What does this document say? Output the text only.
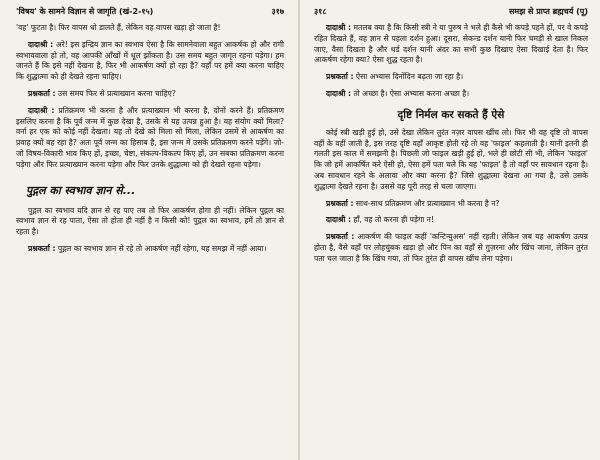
'विषय' के सामने विज्ञान से जागृति (खं-2-१५)	३१७

'वह' फूटता है। फिर वापस धो डालते हैं, लेकिन वह वापस खड़ा हो जाता है!

दादाश्री : अरे! इस इन्द्रिय ज्ञान का स्वभाव ऐसा है कि सामनेवाला बहुत आकर्षक हो और रागी स्वभाववाला हो तो, वह आपकी आँखों में धूल झोंकता है। उस समय बहुत जागृत रहना पड़ेगा। हम जानते हैं कि इसे नहीं देखना है, फिर भी आकर्षण क्यों हो रहा है? वहाँ पर हमें क्या करना चाहिए कि शुद्धात्मा को ही देखते रहना चाहिए।

प्रश्नकर्ता : उस समय फिर से प्रत्याख्यान करना चाहिए?

दादाश्री : प्रतिक्रमण भी करना है और प्रत्याख्यान भी करना है, दोनों करने हैं। प्रतिक्रमण इसलिए करना है कि पूर्व जन्म में कुछ देखा है, उसके से यह उत्पन्न हुआ है। यह संयोग क्यों मिला? वर्ना हर एक को कोई नहीं देखता। यह तो देखे को मिला सो मिला, लेकिन उसमें से आकर्षण का प्रवाह क्यों बह रहा है? अतः पूर्व जन्म का हिसाब है, इस जन्म में उसके प्रतिक्रमण करने पड़ेंगे। जो-जो विषय-विकारी भाव किए हों, इच्छा, चेष्टा, संकल्प-विकल्प किए हों, उन सबका प्रतिक्रमण करना पड़ेगा और फिर प्रत्याख्यान करना पड़ेगा और फिर उनके शुद्धात्मा को ही देखते रहना पड़ेगा।

पुद्गल का स्वभाव ज्ञान से...

पुद्गल का स्वभाव यदि ज्ञान से रह पाए तब तो फिर आकर्षण होगा ही नहीं। लेकिन पुद्गल का स्वभाव ज्ञान से रह पाता, ऐसा तो होता ही नहीं है न किसी को! पुद्गल का स्वभाव, हमें तो ज्ञान से रहता है।

प्रश्नकर्ता : पुद्गल का स्वभाव ज्ञान से रहे तो आकर्षण नहीं रहेगा, यह समझ में नहीं आया।

३१८	समझ से प्राप्त ब्रह्मचर्य (पू)

दादाश्री : मतलब क्या है कि किसी स्त्री ने या पुरुष ने भले ही कैसे भी कपड़े पहने हों, पर वे कपड़े रहित दिखते हैं, वह ज्ञान से पहला दर्शन हुआ। दूसरा, सेकन्ड दर्शन यानी फिर चमड़ी से खाल निकल जाए, वैसा दिखता है और थर्ड दर्शन यानी अंदर का सभी कुछ दिखाए ऐसा दिखाई देता है। फिर आकर्षण रहेगा क्या? ऐसा शुद्ध रहता है।

प्रश्नकर्ता : ऐसा अभ्यास दिनोंदिन बढ़ता जा रहा है।

दादाश्री : तो अच्छा है। ऐसा अभ्यास करना अच्छा है।

दृष्टि निर्मल कर सकते हैं ऐसे

कोई स्त्री खड़ी हुई हो, उसे देखा लेकिन तुरंत नज़र वापस खींच लो। फिर भी वह दृष्टि तो वापस वहीं के वहीं जाती है, इस तरह दृष्टि वहाँ आकृष्ट होती रहे तो वह 'फाइल' कहलाती है। यानी इतनी ही गलती इस काल में समझनी है। पिछली जो फाइल खड़ी हुई हो, भले ही छोटी सी भी, लेकिन 'फाइल' कि जो हमें आकर्षित करे ऐसी हो, ऐसा हमें पता चले कि यह 'फाइल' है तो वहाँ पर सावधान रहना है। अब सावधान रहने के अलावा और क्या करना है? जिसे शुद्धात्मा देखना आ गया है, उसे उसके शुद्धात्मा देखते रहना है। उससे वह पूरी तरह से चला जाएगा।

प्रश्नकर्ता : साथ-साथ प्रतिक्रमण और प्रत्याख्यान भी करना है न?

दादाश्री : हाँ, वह तो करना ही पड़ेगा न!

प्रश्नकर्ता : आकर्षण की फाइल कहीं 'कन्टिन्युअस' नहीं रहती। लेकिन जब यह आकर्षण उत्पन्न होता है, वैसे वहाँ पर लोहचुंबक खड़ा हो और पिन का वहाँ से गुज़रना और खिंच जाना, लेकिन तुरंत पता चल जाता है कि खिंच गया, तो फिर तुरंत ही वापस खींच लेना पड़ेगा।
